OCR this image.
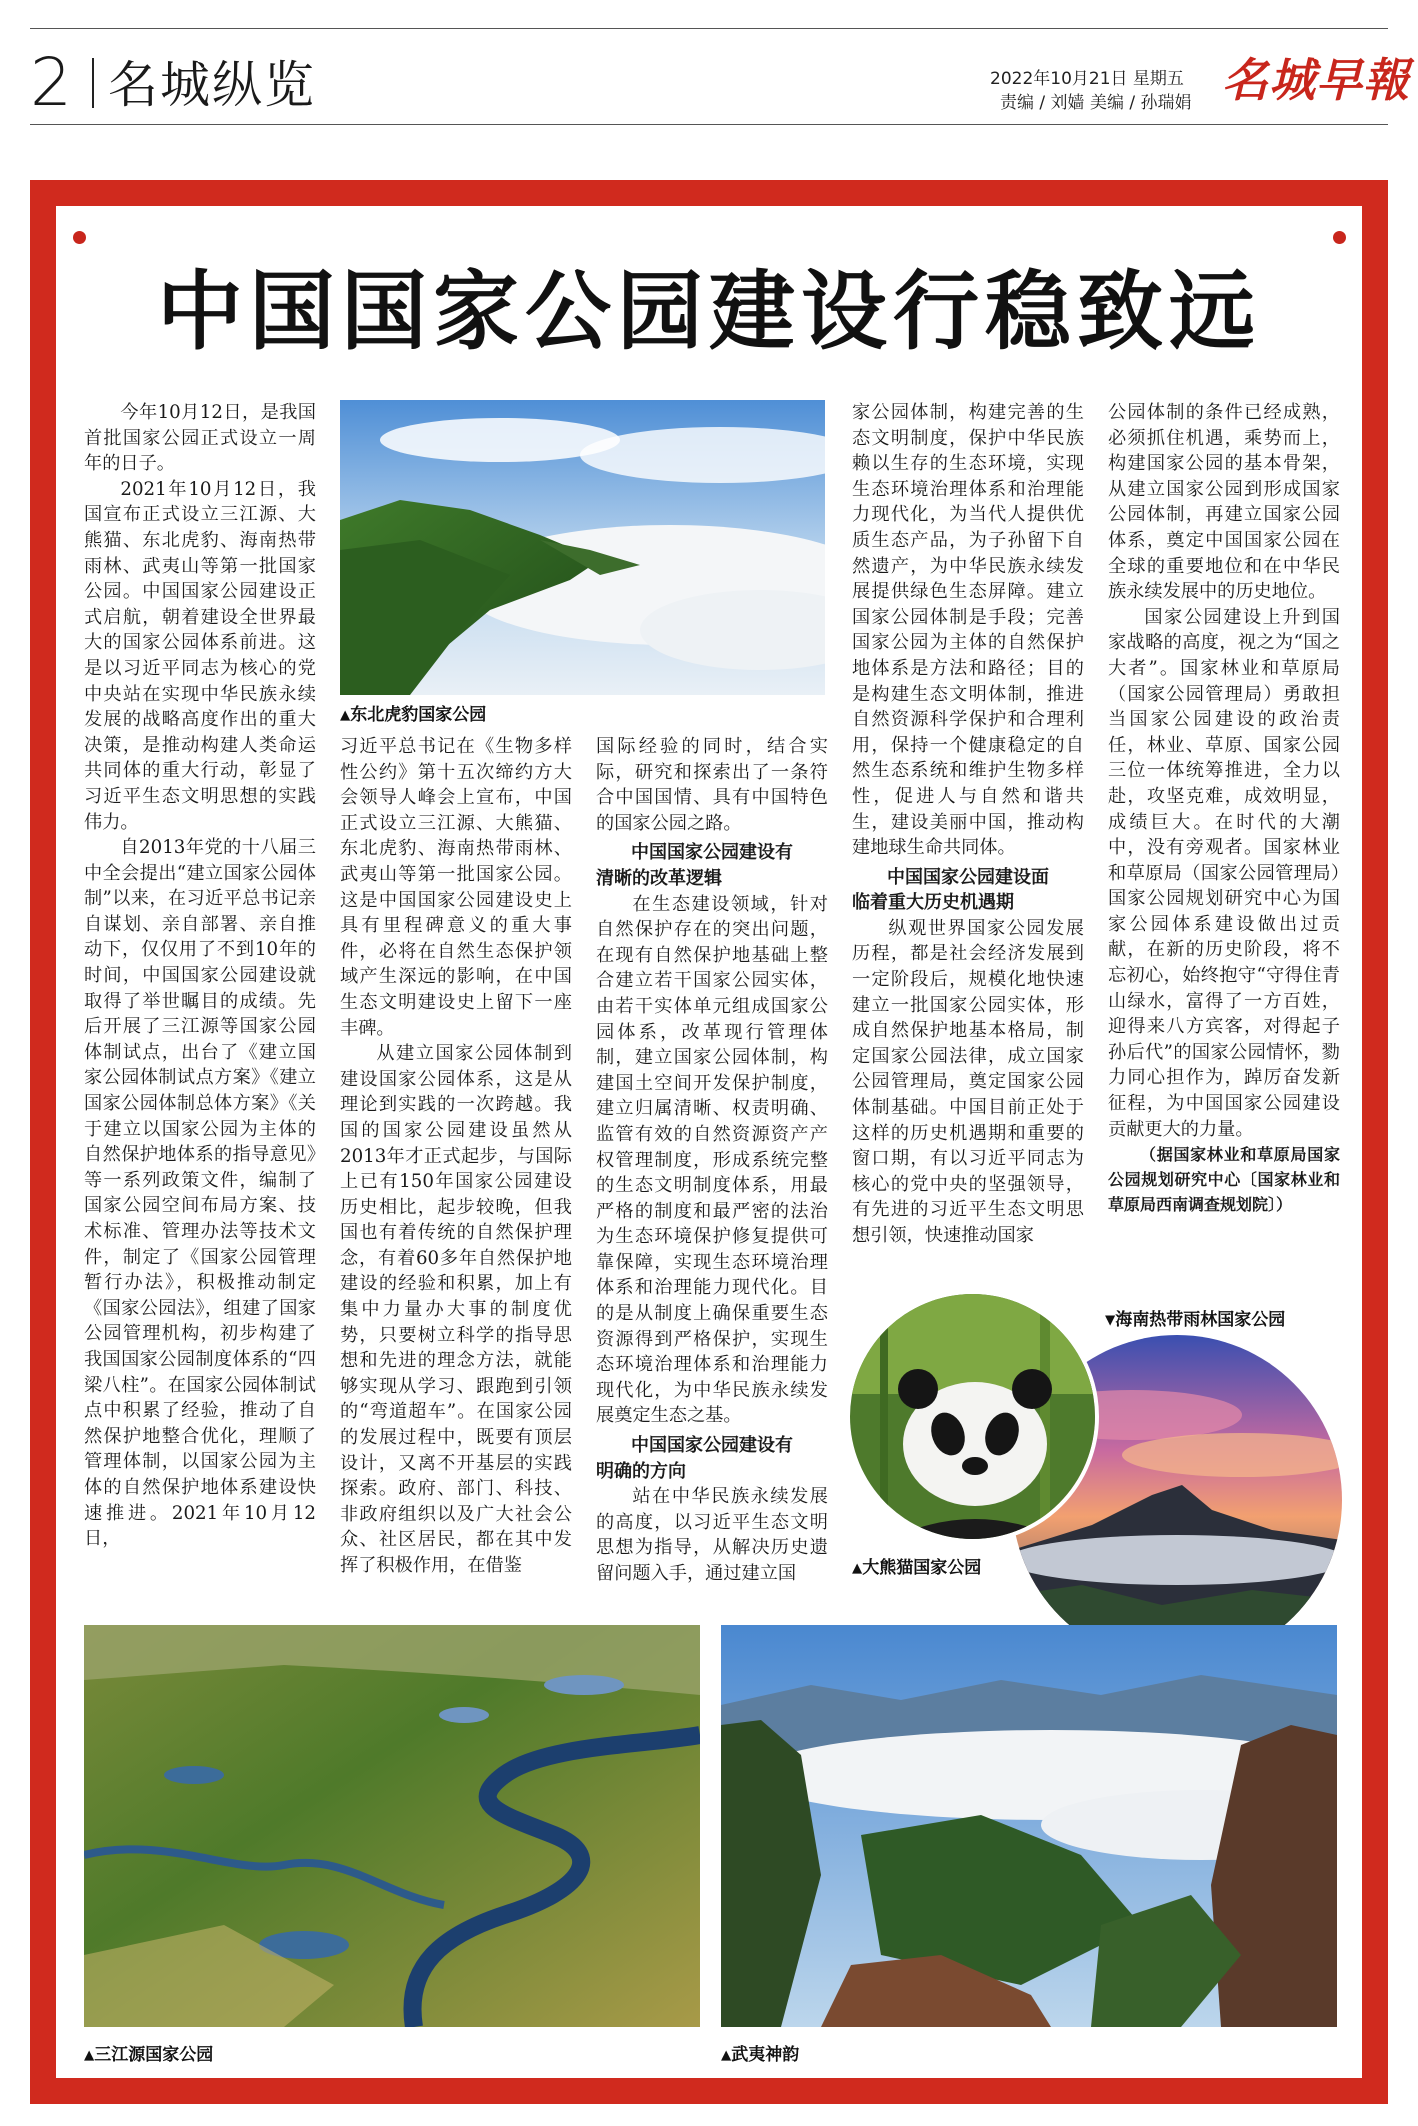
2 名城纵览	2022年10月21日 星期五
责编 / 刘嫱 美编 / 孙瑞娟 名城早報
中国国家公园建设行稳致远
▲东北虎豹国家公园

今年10月12日，是我国首批国家公园正式设立一周年的日子。

2021年10月12日，我国宣布正式设立三江源、大熊猫、东北虎豹、海南热带雨林、武夷山等第一批国家公园。中国国家公园建设正式启航，朝着建设全世界最大的国家公园体系前进。这是以习近平同志为核心的党中央站在实现中华民族永续发展的战略高度作出的重大决策，是推动构建人类命运共同体的重大行动，彰显了习近平生态文明思想的实践伟力。

自2013年党的十八届三中全会提出“建立国家公园体制”以来，在习近平总书记亲自谋划、亲自部署、亲自推动下，仅仅用了不到10年的时间，中国国家公园建设就取得了举世瞩目的成绩。先后开展了三江源等国家公园体制试点，出台了《建立国家公园体制试点方案》《建立国家公园体制总体方案》《关于建立以国家公园为主体的自然保护地体系的指导意见》等一系列政策文件，编制了国家公园空间布局方案、技术标准、管理办法等技术文件，制定了《国家公园管理暂行办法》，积极推动制定《国家公园法》，组建了国家公园管理机构，初步构建了我国国家公园制度体系的“四梁八柱”。在国家公园体制试点中积累了经验，推动了自然保护地整合优化，理顺了管理体制，以国家公园为主体的自然保护地体系建设快速推进。2021年10月12日，

习近平总书记在《生物多样性公约》第十五次缔约方大会领导人峰会上宣布，中国正式设立三江源、大熊猫、东北虎豹、海南热带雨林、武夷山等第一批国家公园。这是中国国家公园建设史上具有里程碑意义的重大事件，必将在自然生态保护领域产生深远的影响，在中国生态文明建设史上留下一座丰碑。

从建立国家公园体制到建设国家公园体系，这是从理论到实践的一次跨越。我国的国家公园建设虽然从2013年才正式起步，与国际上已有150年国家公园建设历史相比，起步较晚，但我国也有着传统的自然保护理念，有着60多年自然保护地建设的经验和积累，加上有集中力量办大事的制度优势，只要树立科学的指导思想和先进的理念方法，就能够实现从学习、跟跑到引领的“弯道超车”。在国家公园的发展过程中，既要有顶层设计，又离不开基层的实践探索。政府、部门、科技、非政府组织以及广大社会公众、社区居民，都在其中发挥了积极作用，在借鉴

国际经验的同时，结合实际，研究和探索出了一条符合中国国情、具有中国特色的国家公园之路。

中国国家公园建设有
清晰的改革逻辑

在生态建设领域，针对自然保护存在的突出问题，在现有自然保护地基础上整合建立若干国家公园实体，由若干实体单元组成国家公园体系，改革现行管理体制，建立国家公园体制，构建国土空间开发保护制度，建立归属清晰、权责明确、监管有效的自然资源资产产权管理制度，形成系统完整的生态文明制度体系，用最严格的制度和最严密的法治为生态环境保护修复提供可靠保障，实现生态环境治理体系和治理能力现代化。目的是从制度上确保重要生态资源得到严格保护，实现生态环境治理体系和治理能力现代化，为中华民族永续发展奠定生态之基。

中国国家公园建设有
明确的方向

站在中华民族永续发展的高度，以习近平生态文明思想为指导，从解决历史遗留问题入手，通过建立国

家公园体制，构建完善的生态文明制度，保护中华民族赖以生存的生态环境，实现生态环境治理体系和治理能力现代化，为当代人提供优质生态产品，为子孙留下自然遗产，为中华民族永续发展提供绿色生态屏障。建立国家公园体制是手段；完善国家公园为主体的自然保护地体系是方法和路径；目的是构建生态文明体制，推进自然资源科学保护和合理利用，保持一个健康稳定的自然生态系统和维护生物多样性，促进人与自然和谐共生，建设美丽中国，推动构建地球生命共同体。

中国国家公园建设面
临着重大历史机遇期

纵观世界国家公园发展历程，都是社会经济发展到一定阶段后，规模化地快速建立一批国家公园实体，形成自然保护地基本格局，制定国家公园法律，成立国家公园管理局，奠定国家公园体制基础。中国目前正处于这样的历史机遇期和重要的窗口期，有以习近平同志为核心的党中央的坚强领导，有先进的习近平生态文明思想引领，快速推动国家

公园体制的条件已经成熟，必须抓住机遇，乘势而上，构建国家公园的基本骨架，从建立国家公园到形成国家公园体制，再建立国家公园体系，奠定中国国家公园在全球的重要地位和在中华民族永续发展中的历史地位。

国家公园建设上升到国家战略的高度，视之为“国之大者”。国家林业和草原局（国家公园管理局）勇敢担当国家公园建设的政治责任，林业、草原、国家公园三位一体统筹推进，全力以赴，攻坚克难，成效明显，成绩巨大。在时代的大潮中，没有旁观者。国家林业和草原局（国家公园管理局）国家公园规划研究中心为国家公园体系建设做出过贡献，在新的历史阶段，将不忘初心，始终抱守“守得住青山绿水，富得了一方百姓，迎得来八方宾客，对得起子孙后代”的国家公园情怀，勠力同心担作为，踔厉奋发新征程，为中国国家公园建设贡献更大的力量。

（据国家林业和草原局国家公园规划研究中心〔国家林业和草原局西南调查规划院〕）

▼海南热带雨林国家公园
▲大熊猫国家公园
▲三江源国家公园	▲武夷神韵
